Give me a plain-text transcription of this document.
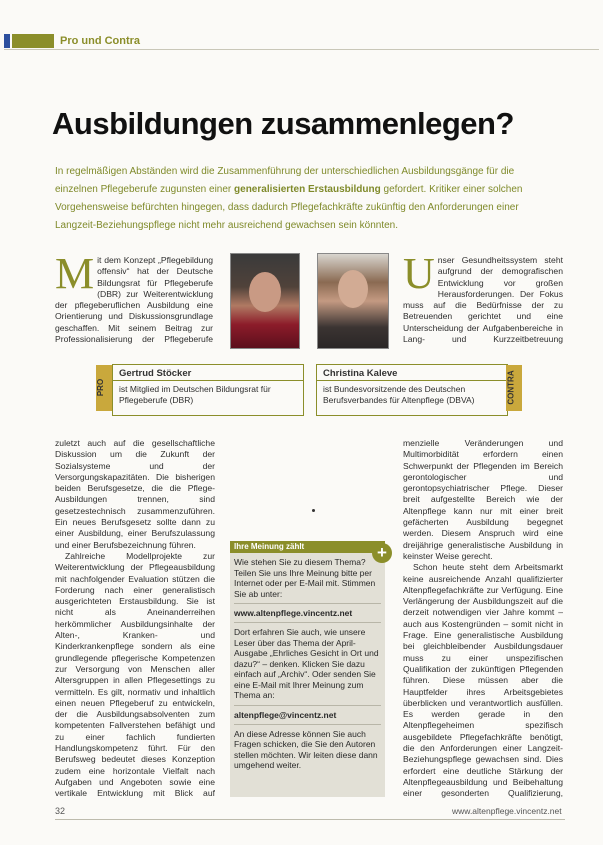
Pro und Contra
Ausbildungen zusammenlegen?
In regelmäßigen Abständen wird die Zusammenführung der unterschiedlichen Ausbildungsgänge für die einzelnen Pflegeberufe zugunsten einer generalisierten Erstausbildung gefordert. Kritiker einer solchen Vorgehensweise befürchten hingegen, dass dadurch Pflegefachkräfte zukünftig den Anforderungen einer Langzeit-Beziehungspflege nicht mehr ausreichend gewachsen sein könnten.
Mit dem Konzept „Pflegebildung offensiv“ hat der Deutsche Bildungsrat für Pflegeberufe (DBR) zur Weiterentwicklung der pflegeberuflichen Ausbildung eine Orientierung und Diskussionsgrundlage geschaffen. Mit seinem Beitrag zur Professionalisierung der Pflegeberufe
Unser Gesundheitssystem steht aufgrund der demografischen Entwicklung vor großen Herausforderungen. Der Fokus muss auf die Bedürfnisse der zu Betreuenden gerichtet und eine Unterscheidung der Aufgabenbereiche in Lang- und Kurzzeitbetreuung
Gertrud Stöcker
ist Mitglied im Deutschen Bildungsrat für Pflegeberufe (DBR)
PRO
Christina Kaleve
ist Bundesvorsitzende des Deutschen Berufsverbandes für Altenpflege (DBVA)	CONTRA
zuletzt auch auf die gesellschaftliche Diskussion um die Zukunft der Sozialsysteme und der Versorgungskapazitäten. Die bisherigen beiden Berufsgesetze, die die Pflege-Ausbildungen trennen, sind gesetzestechnisch zusammenzuführen. Ein neues Berufsgesetz sollte dann zu einer Ausbildung, einer Berufszulassung und einer Berufsbezeichnung führen.
Zahlreiche Modellprojekte zur Weiterentwicklung der Pflegeausbildung mit nachfolgender Evaluation stützen die Forderung nach einer generalistisch ausgerichteten Erstausbildung. Sie ist nicht als Aneinanderreihen herkömmlicher Ausbildungsinhalte der Alten-, Kranken- und Kinderkrankenpflege sondern als eine grundlegende pflegerische Kompetenzen zur Versorgung von Menschen aller Altersgruppen in allen Pflegesettings zu vermitteln. Es gilt, normativ und inhaltlich einen neuen Pflegeberuf zu entwickeln, der die Ausbildungsabsolventen zum kompetenten Fallverstehen befähigt und zu einer fachlich fundierten Handlungskompetenz führt. Für den Berufsweg bedeutet dieses Konzeption zudem eine horizontale Vielfalt nach Aufgaben und Angeboten sowie eine vertikale Entwicklung mit Blick auf
Ihre Meinung zählt	+
Wie stehen Sie zu diesem Thema? Teilen Sie uns Ihre Meinung bitte per Internet oder per E-Mail mit. Stimmen Sie ab unter:
www.altenpflege.vincentz.net
Dort erfahren Sie auch, wie unsere Leser über das Thema der April-Ausgabe „Ehrliches Gesicht in Ort und dazu?“ – denken. Klicken Sie dazu einfach auf „Archiv“. Oder senden Sie eine E-Mail mit Ihrer Meinung zum Thema an:
altenpflege@vincentz.net
An diese Adresse können Sie auch Fragen schicken, die Sie den Autoren stellen möchten. Wir leiten diese dann umgehend weiter.
menzielle Veränderungen und Multimorbidität erfordern einen Schwerpunkt der Pflegenden im Bereich gerontologischer und gerontopsychiatrischer Pflege. Dieser breit aufgestellte Bereich wie der Altenpflege kann nur mit einer breit gefächerten Ausbildung begegnet werden. Diesem Anspruch wird eine dreijährige generalistische Ausbildung in keinster Weise gerecht.
Schon heute steht dem Arbeitsmarkt keine ausreichende Anzahl qualifizierter Altenpflegefachkräfte zur Verfügung. Eine Verlängerung der Ausbildungszeit auf die derzeit notwendigen vier Jahre kommt – auch aus Kostengründen – somit nicht in Frage. Eine generalistische Ausbildung bei gleichbleibender Ausbildungsdauer muss zu einer unspezifischen Qualifikation der zukünftigen Pflegenden führen. Diese müssen aber die Hauptfelder ihres Arbeitsgebietes überblicken und verantwortlich ausfüllen. Es werden gerade in den Altenpflegeheimen spezifisch ausgebildete Pflegefachkräfte benötigt, die den Anforderungen einer Langzeit-Beziehungspflege gewachsen sind. Dies erfordert eine deutliche Stärkung der Altenpflegeausbildung und Beibehaltung einer gesonderten Qualifizierung,
32	www.altenpflege.vincentz.net
